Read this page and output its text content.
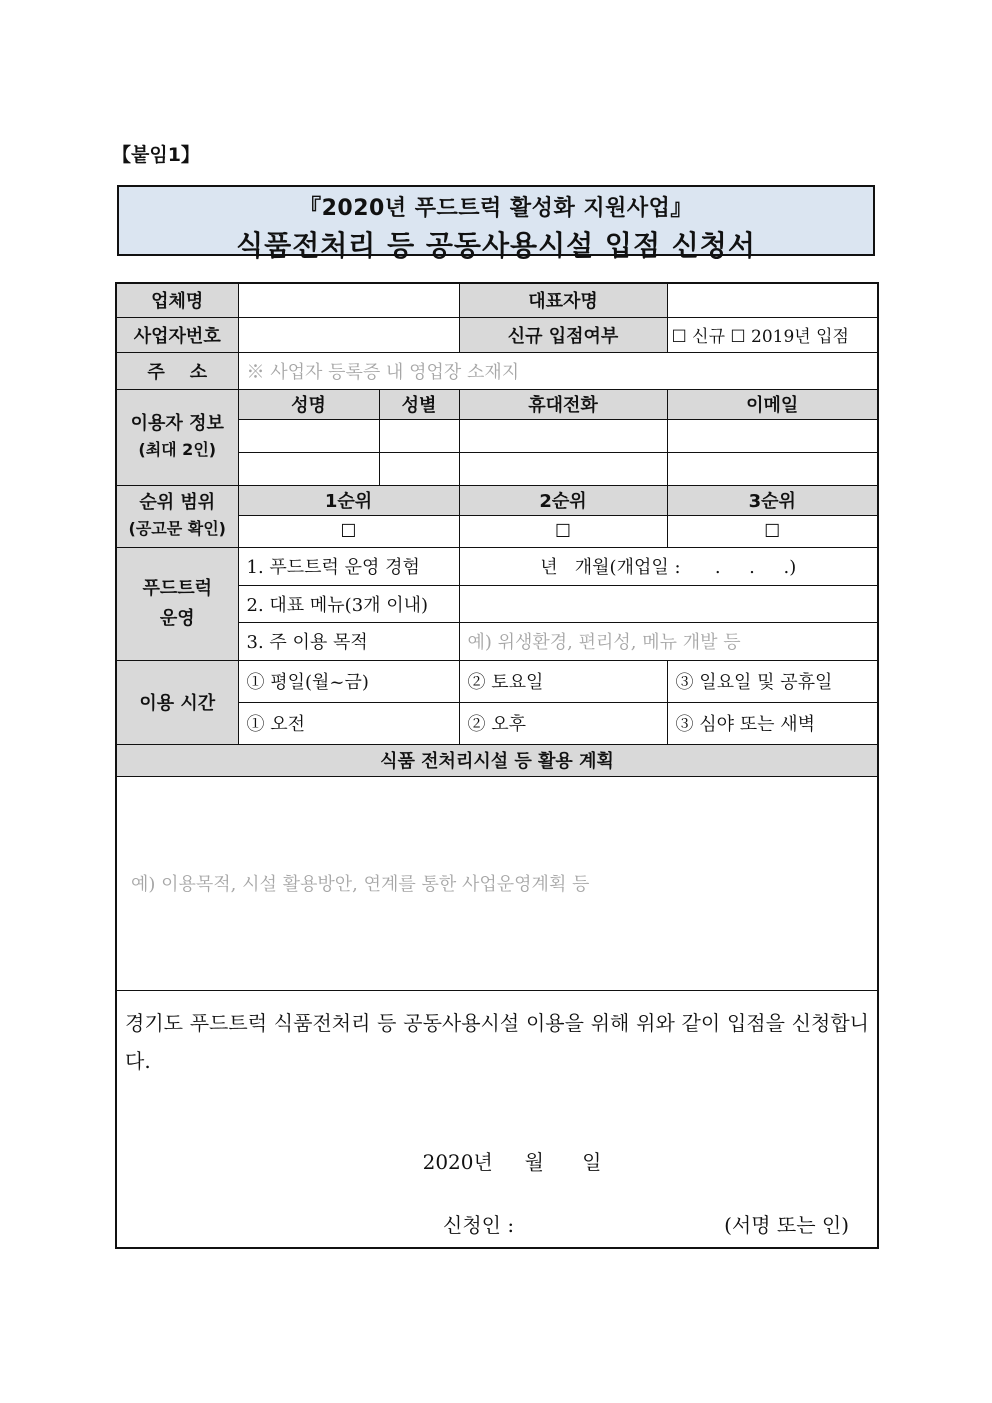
【붙임1】
『2020년 푸드트럭 활성화 지원사업』
식품전처리 등 공동사용시설 입점 신청서
업체명			대표자명	
사업자번호			신규 입점여부	☐ 신규 ☐ 2019년 입점
주    소	※ 사업자 등록증 내 영업장 소재지			
이용자 정보
(최대 2인)	성명	성별	휴대전화	이메일

순위 범위
(공고문 확인)	1순위		2순위	3순위
	☐		☐	☐
푸드트럭
운영	1. 푸드트럭 운영 경험		년   개월(개업일 :      .     .     .)	
	2. 대표 메뉴(3개 이내)			
	3. 주 이용 목적		예) 위생환경, 편리성, 메뉴 개발 등	
이용 시간	① 평일(월~금)		② 토요일	③ 일요일 및 공휴일
	① 오전		② 오후	③ 심야 또는 새벽
식품 전처리시설 등 활용 계획				
예) 이용목적, 시설 활용방안, 연계를 통한 사업운영계획 등				

경기도 푸드트럭 식품전처리 등 공동사용시설 이용을 위해 위와 같이 입점을 신청합니다.
2020년     월      일
신청인 : (서명 또는 인)				
